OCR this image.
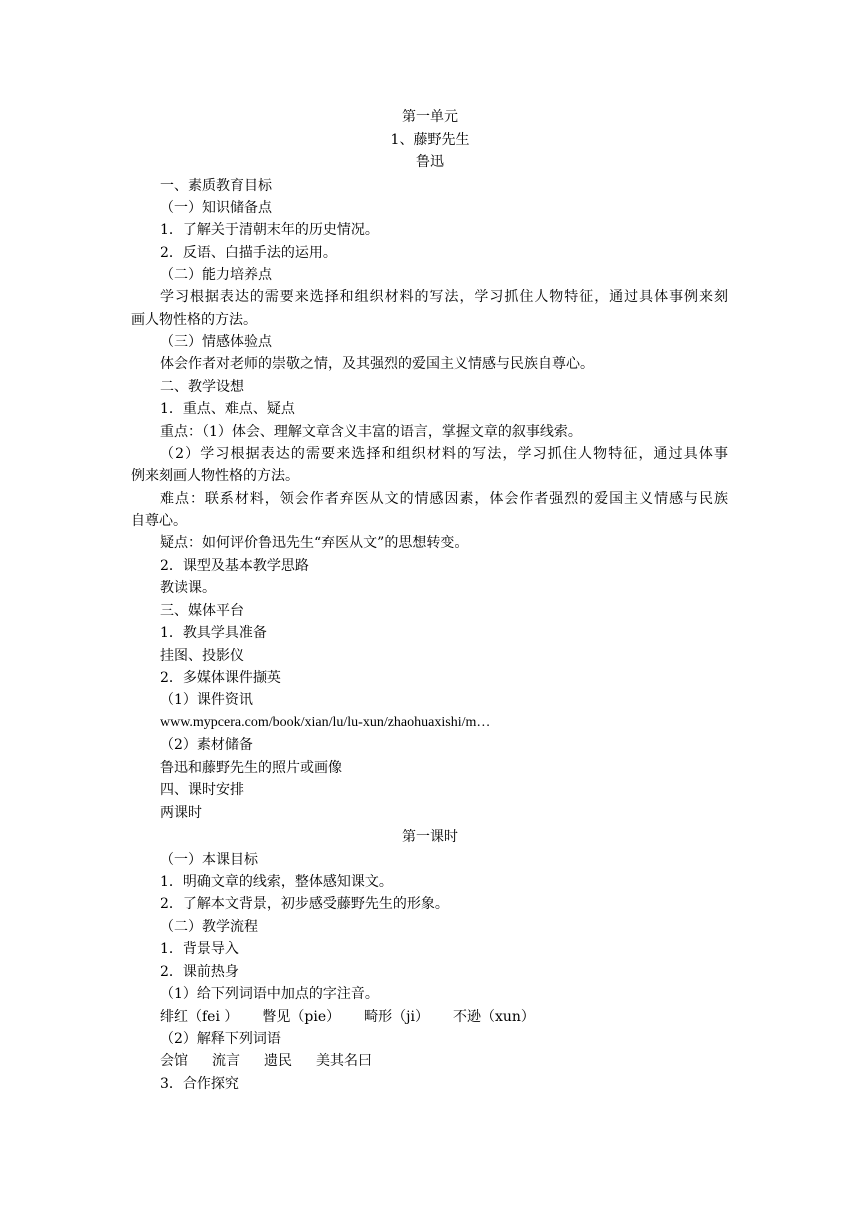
第一单元
1、藤野先生
鲁迅
一、素质教育目标
（一）知识储备点
1．了解关于清朝末年的历史情况。
2．反语、白描手法的运用。
（二）能力培养点
学习根据表达的需要来选择和组织材料的写法，学习抓住人物特征，通过具体事例来刻
画人物性格的方法。
（三）情感体验点
体会作者对老师的崇敬之情，及其强烈的爱国主义情感与民族自尊心。
二、教学设想
1．重点、难点、疑点
重点：（1）体会、理解文章含义丰富的语言，掌握文章的叙事线索。
（2）学习根据表达的需要来选择和组织材料的写法，学习抓住人物特征，通过具体事
例来刻画人物性格的方法。
难点：联系材料，领会作者弃医从文的情感因素，体会作者强烈的爱国主义情感与民族
自尊心。
疑点：如何评价鲁迅先生“弃医从文”的思想转变。
2．课型及基本教学思路
教读课。
三、媒体平台
1．教具学具准备
挂图、投影仪
2．多媒体课件撷英
（1）课件资讯
www.mypcera.com/book/xian/lu/lu-xun/zhaohuaxishi/m…
（2）素材储备
鲁迅和藤野先生的照片或画像
四、课时安排
两课时
第一课时
（一）本课目标
1．明确文章的线索，整体感知课文。
2．了解本文背景，初步感受藤野先生的形象。
（二）教学流程
1．背景导入
2．课前热身
（1）给下列词语中加点的字注音。
绯红（fei ） 瞥见（pie） 畸形（ji） 不逊（xun）
（2）解释下列词语
会馆 流言 遗民 美其名曰
3．合作探究
